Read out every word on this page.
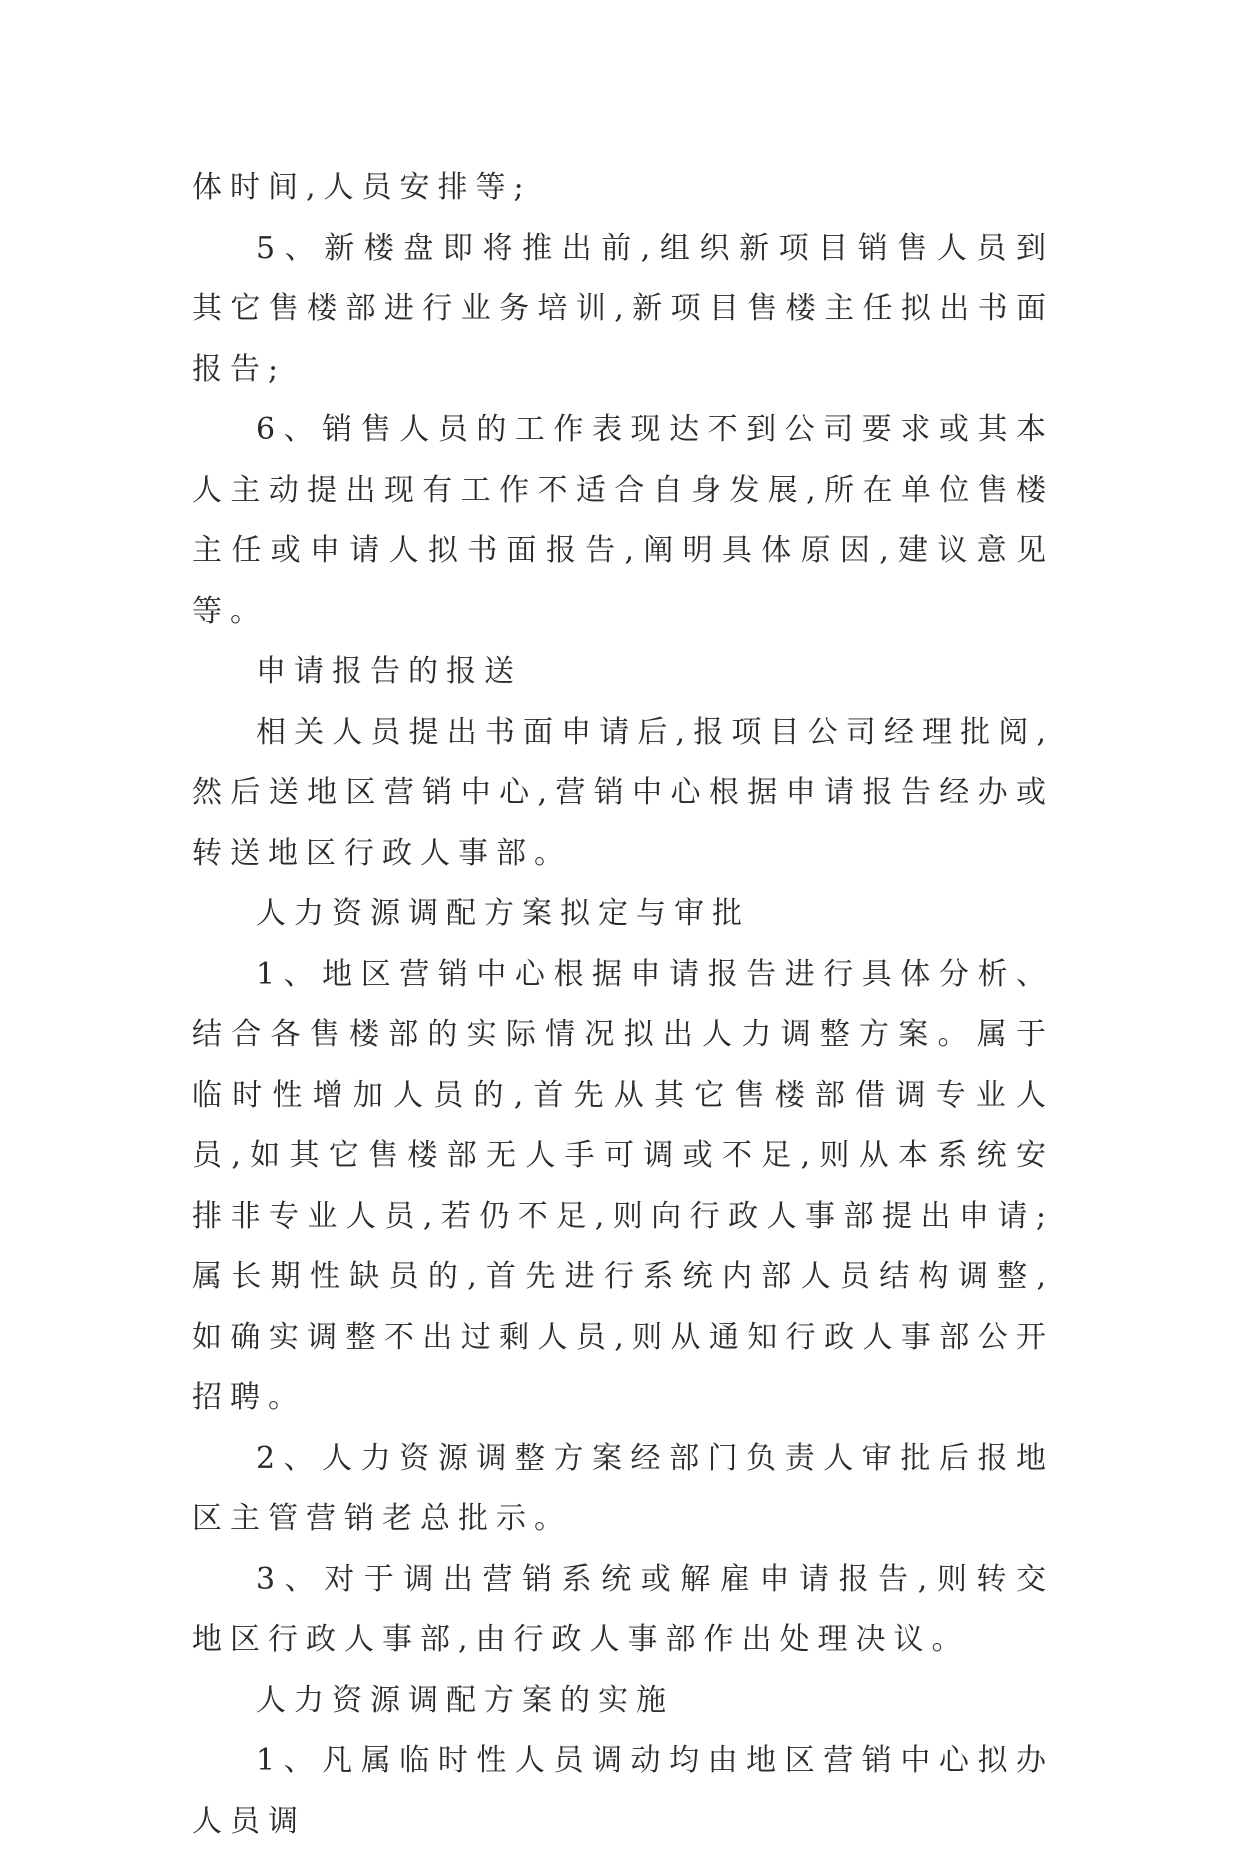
体时间,人员安排等;

5、新楼盘即将推出前,组织新项目销售人员到其它售楼部进行业务培训,新项目售楼主任拟出书面报告;

6、销售人员的工作表现达不到公司要求或其本人主动提出现有工作不适合自身发展,所在单位售楼主任或申请人拟书面报告,阐明具体原因,建议意见等。

申请报告的报送

相关人员提出书面申请后,报项目公司经理批阅,然后送地区营销中心,营销中心根据申请报告经办或转送地区行政人事部。

人力资源调配方案拟定与审批

1、地区营销中心根据申请报告进行具体分析、结合各售楼部的实际情况拟出人力调整方案。属于临时性增加人员的,首先从其它售楼部借调专业人员,如其它售楼部无人手可调或不足,则从本系统安排非专业人员,若仍不足,则向行政人事部提出申请;属长期性缺员的,首先进行系统内部人员结构调整,如确实调整不出过剩人员,则从通知行政人事部公开招聘。

2、人力资源调整方案经部门负责人审批后报地区主管营销老总批示。

3、对于调出营销系统或解雇申请报告,则转交地区行政人事部,由行政人事部作出处理决议。

人力资源调配方案的实施

1、凡属临时性人员调动均由地区营销中心拟办人员调
